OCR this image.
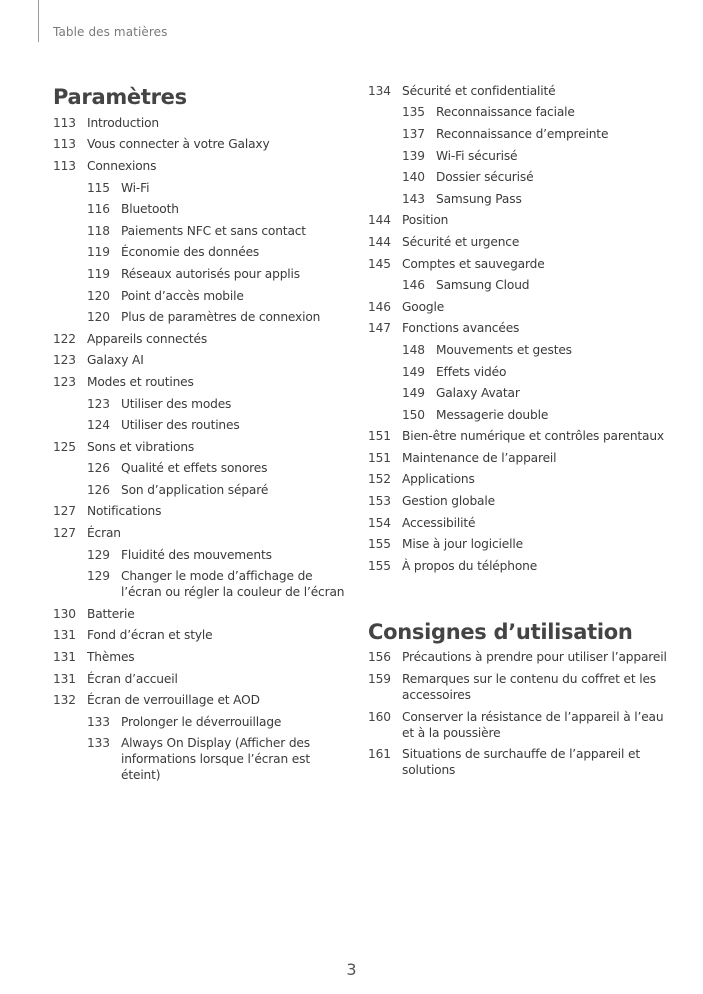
Table des matières
Paramètres
113 Introduction
113 Vous connecter à votre Galaxy
113 Connexions
115 Wi-Fi
116 Bluetooth
118 Paiements NFC et sans contact
119 Économie des données
119 Réseaux autorisés pour applis
120 Point d’accès mobile
120 Plus de paramètres de connexion
122 Appareils connectés
123 Galaxy AI
123 Modes et routines
123 Utiliser des modes
124 Utiliser des routines
125 Sons et vibrations
126 Qualité et effets sonores
126 Son d’application séparé
127 Notifications
127 Écran
129 Fluidité des mouvements
129 Changer le mode d’affichage de l’écran ou régler la couleur de l’écran
130 Batterie
131 Fond d’écran et style
131 Thèmes
131 Écran d’accueil
132 Écran de verrouillage et AOD
133 Prolonger le déverrouillage
133 Always On Display (Afficher des informations lorsque l’écran est éteint)
134 Sécurité et confidentialité
135 Reconnaissance faciale
137 Reconnaissance d’empreinte
139 Wi-Fi sécurisé
140 Dossier sécurisé
143 Samsung Pass
144 Position
144 Sécurité et urgence
145 Comptes et sauvegarde
146 Samsung Cloud
146 Google
147 Fonctions avancées
148 Mouvements et gestes
149 Effets vidéo
149 Galaxy Avatar
150 Messagerie double
151 Bien-être numérique et contrôles parentaux
151 Maintenance de l’appareil
152 Applications
153 Gestion globale
154 Accessibilité
155 Mise à jour logicielle
155 À propos du téléphone
Consignes d’utilisation
156 Précautions à prendre pour utiliser l’appareil
159 Remarques sur le contenu du coffret et les accessoires
160 Conserver la résistance de l’appareil à l’eau et à la poussière
161 Situations de surchauffe de l’appareil et solutions
3
